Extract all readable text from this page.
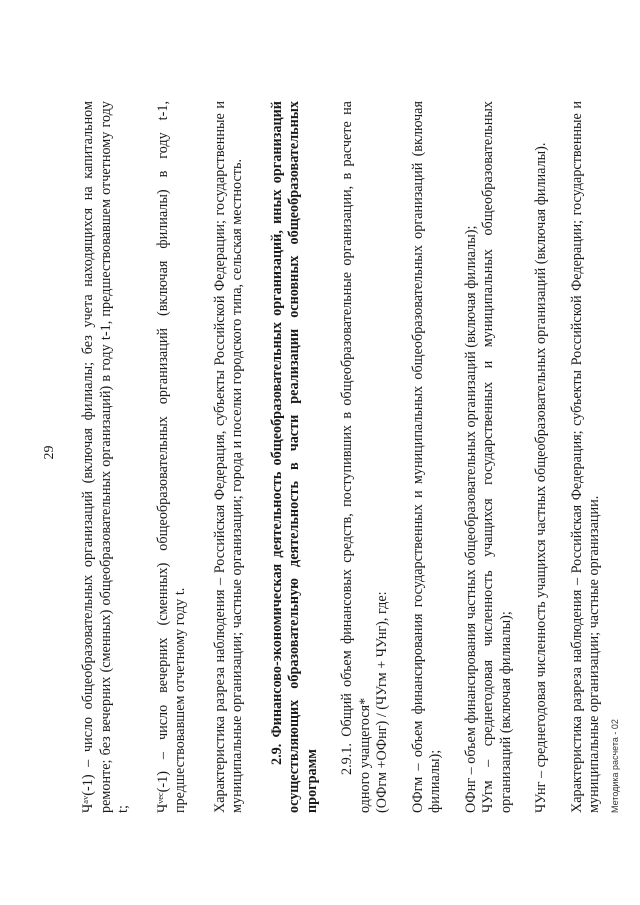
29 Чᵃᵛ(-1) – число общеобразовательных организаций (включая филиалы; без учета находящихся на капитальном ремонте; без вечерних (сменных) общеобразовательных организаций) в году t-1, предшествовавшем отчетному году t; Чᵛᵉᶜ(-1) – число вечерних (сменных) общеобразовательных организаций (включая филиалы) в году t-1, предшествовавшем отчетному году t. Характеристика разреза наблюдения – Российская Федерация, субъекты Российской Федерации; государственные и муниципальные организации; частные организации; города и поселки городского типа, сельская местность. 2.9. Финансово-экономическая деятельность общеобразовательных организаций, иных организаций осуществляющих образовательную деятельность в части реализации основных общеобразовательных программ

2.9.1. Общий объем финансовых средств, поступивших в общеобразовательные организации, в расчете на одного учащегося* (ОФгм +ОФнг) / (ЧУгм + ЧУнг), где: ОФгм – объем финансирования государственных и муниципальных общеобразовательных организаций (включая филиалы); ОФнг – объем финансирования частных общеобразовательных организаций (включая филиалы); ЧУгм – среднегодовая численность учащихся государственных и муниципальных общеобразовательных организаций (включая филиалы); ЧУнг – среднегодовая численность учащихся частных общеобразовательных организаций (включая филиалы). Характеристика разреза наблюдения – Российская Федерация; субъекты Российской Федерации; государственные и муниципальные организации; частные организации. Методика расчета - 02
